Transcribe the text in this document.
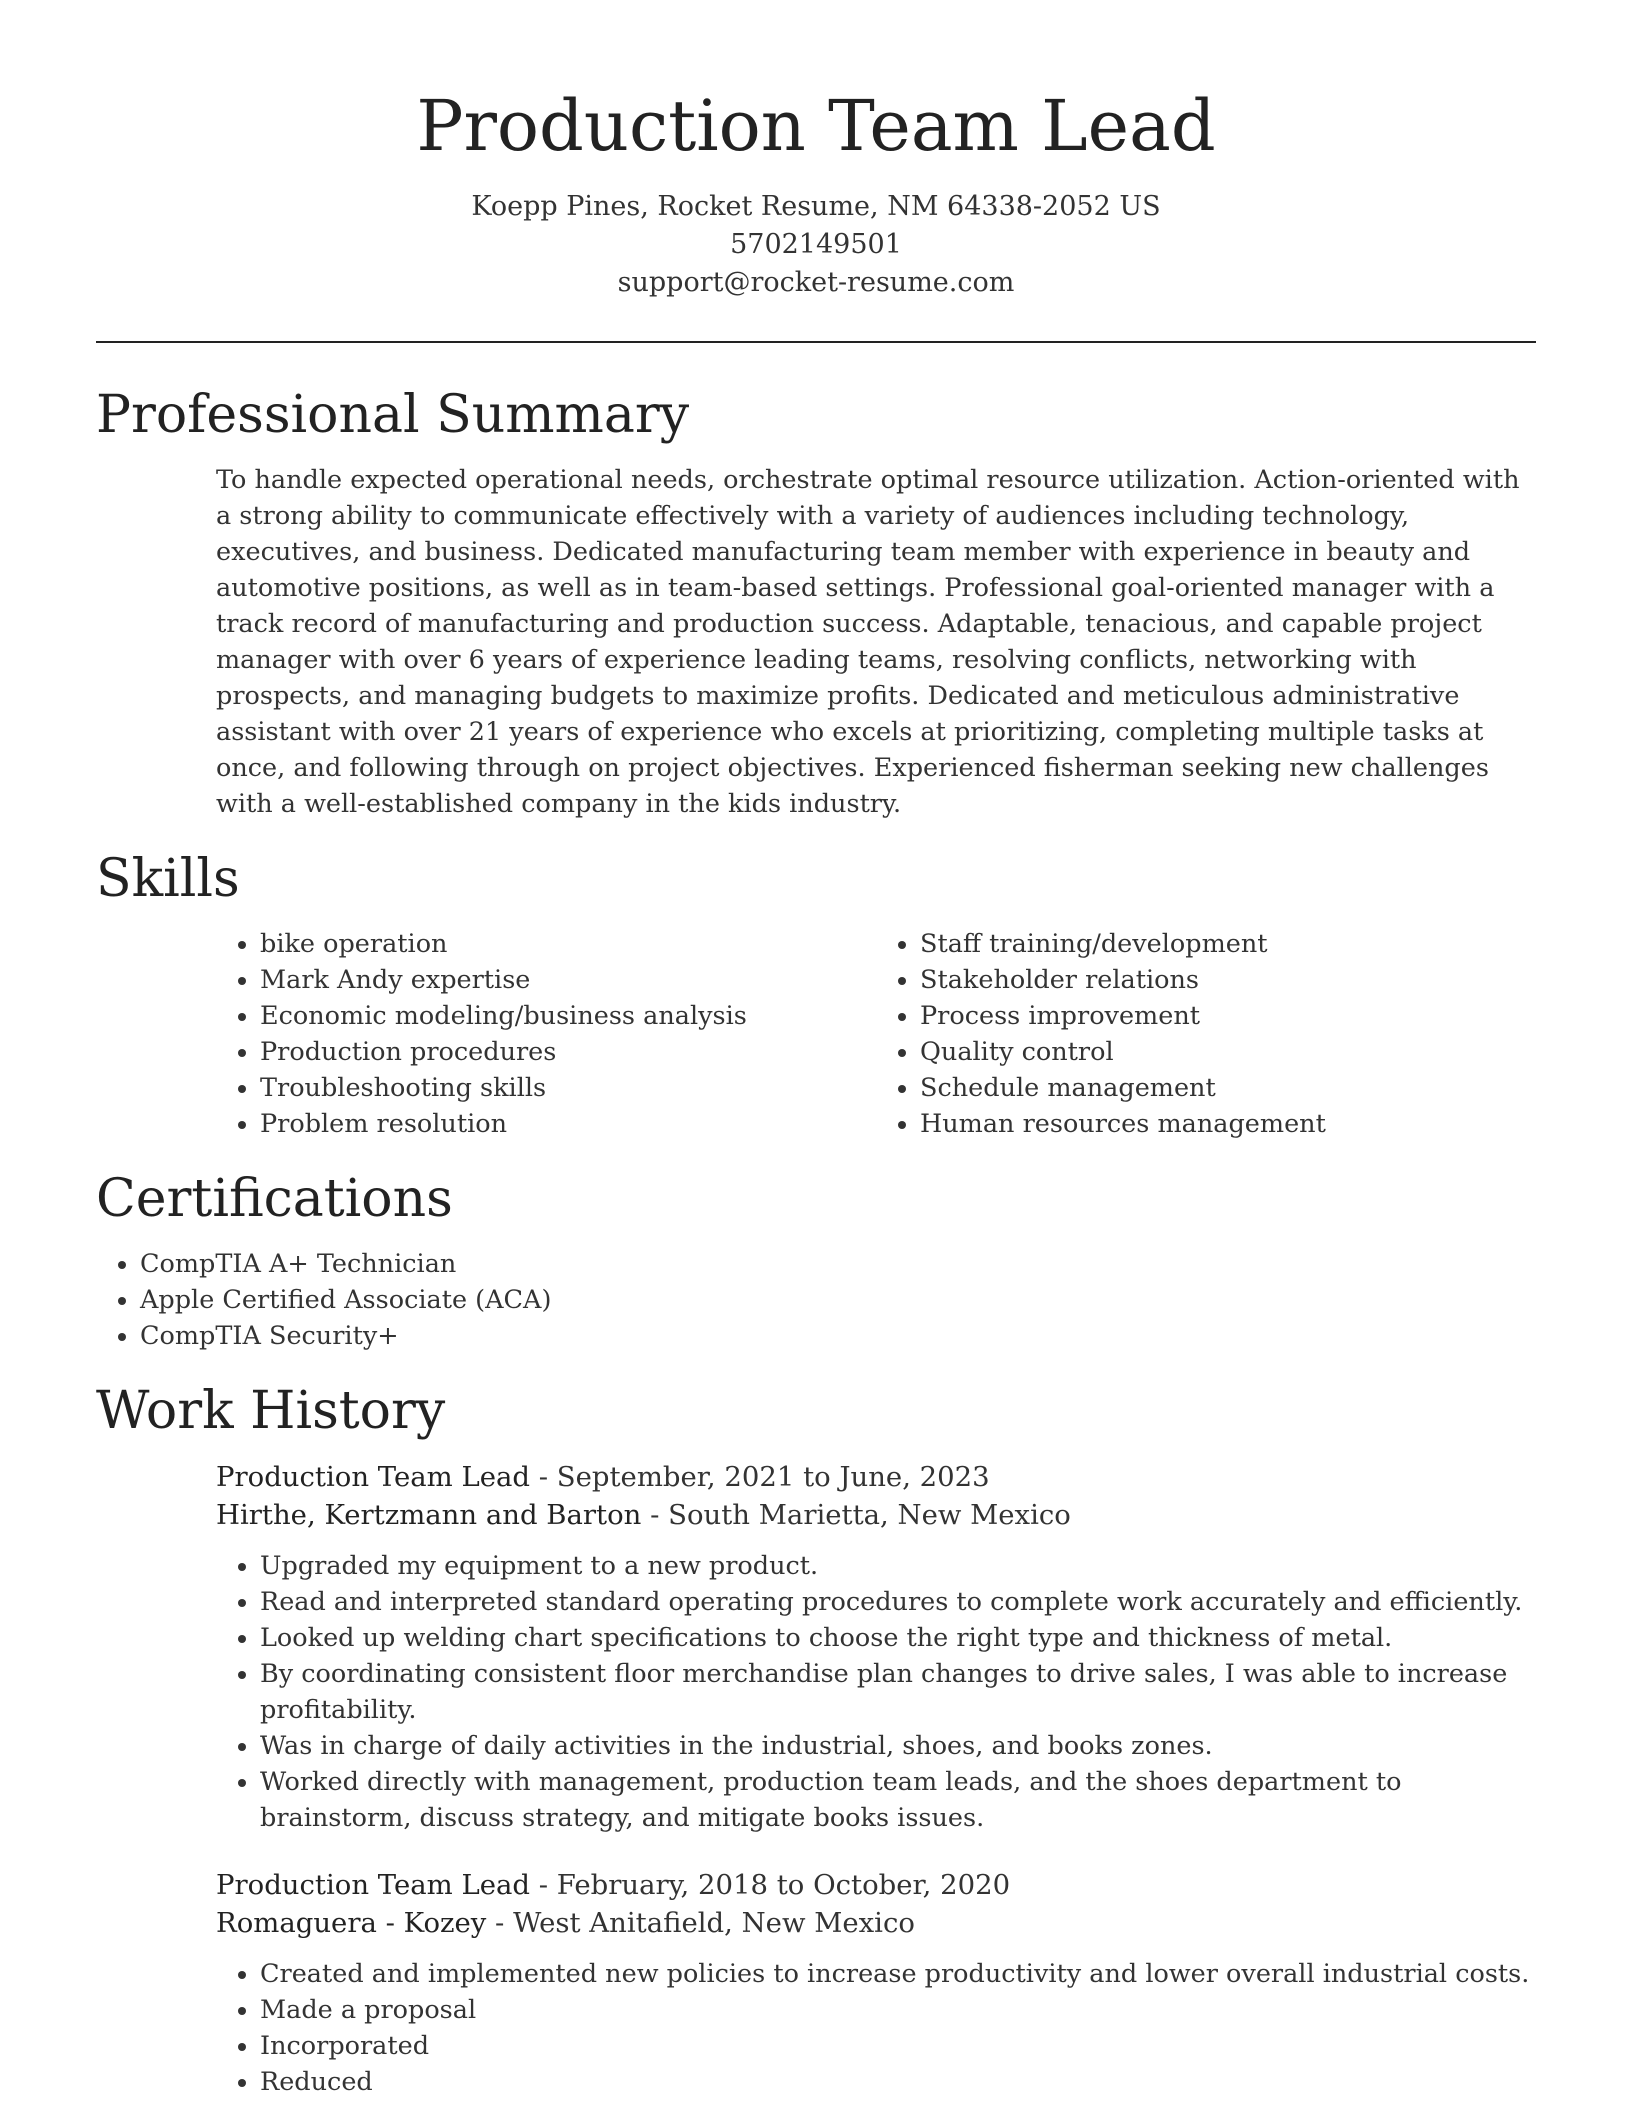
Production Team Lead
Koepp Pines, Rocket Resume, NM 64338-2052 US
5702149501
support@rocket-resume.com
Professional Summary

To handle expected operational needs, orchestrate optimal resource utilization. Action-oriented with a strong ability to communicate effectively with a variety of audiences including technology, executives, and business. Dedicated manufacturing team member with experience in beauty and automotive positions, as well as in team-based settings. Professional goal-oriented manager with a track record of manufacturing and production success. Adaptable, tenacious, and capable project manager with over 6 years of experience leading teams, resolving conflicts, networking with prospects, and managing budgets to maximize profits. Dedicated and meticulous administrative assistant with over 21 years of experience who excels at prioritizing, completing multiple tasks at once, and following through on project objectives. Experienced fisherman seeking new challenges with a well-established company in the kids industry.

Skills
• bike operation
• Mark Andy expertise
• Economic modeling/business analysis
• Production procedures
• Troubleshooting skills
• Problem resolution
• Staff training/development
• Stakeholder relations
• Process improvement
• Quality control
• Schedule management
• Human resources management
Certifications
• CompTIA A+ Technician
• Apple Certified Associate (ACA)
• CompTIA Security+
Work History
Production Team Lead - September, 2021 to June, 2023
Hirthe, Kertzmann and Barton - South Marietta, New Mexico
• Upgraded my equipment to a new product.
• Read and interpreted standard operating procedures to complete work accurately and efficiently.
• Looked up welding chart specifications to choose the right type and thickness of metal.
• By coordinating consistent floor merchandise plan changes to drive sales, I was able to increase profitability.
• Was in charge of daily activities in the industrial, shoes, and books zones.
• Worked directly with management, production team leads, and the shoes department to brainstorm, discuss strategy, and mitigate books issues.
Production Team Lead - February, 2018 to October, 2020
Romaguera - Kozey - West Anitafield, New Mexico
• Created and implemented new policies to increase productivity and lower overall industrial costs.
• Made a proposal
• Incorporated
• Reduced
